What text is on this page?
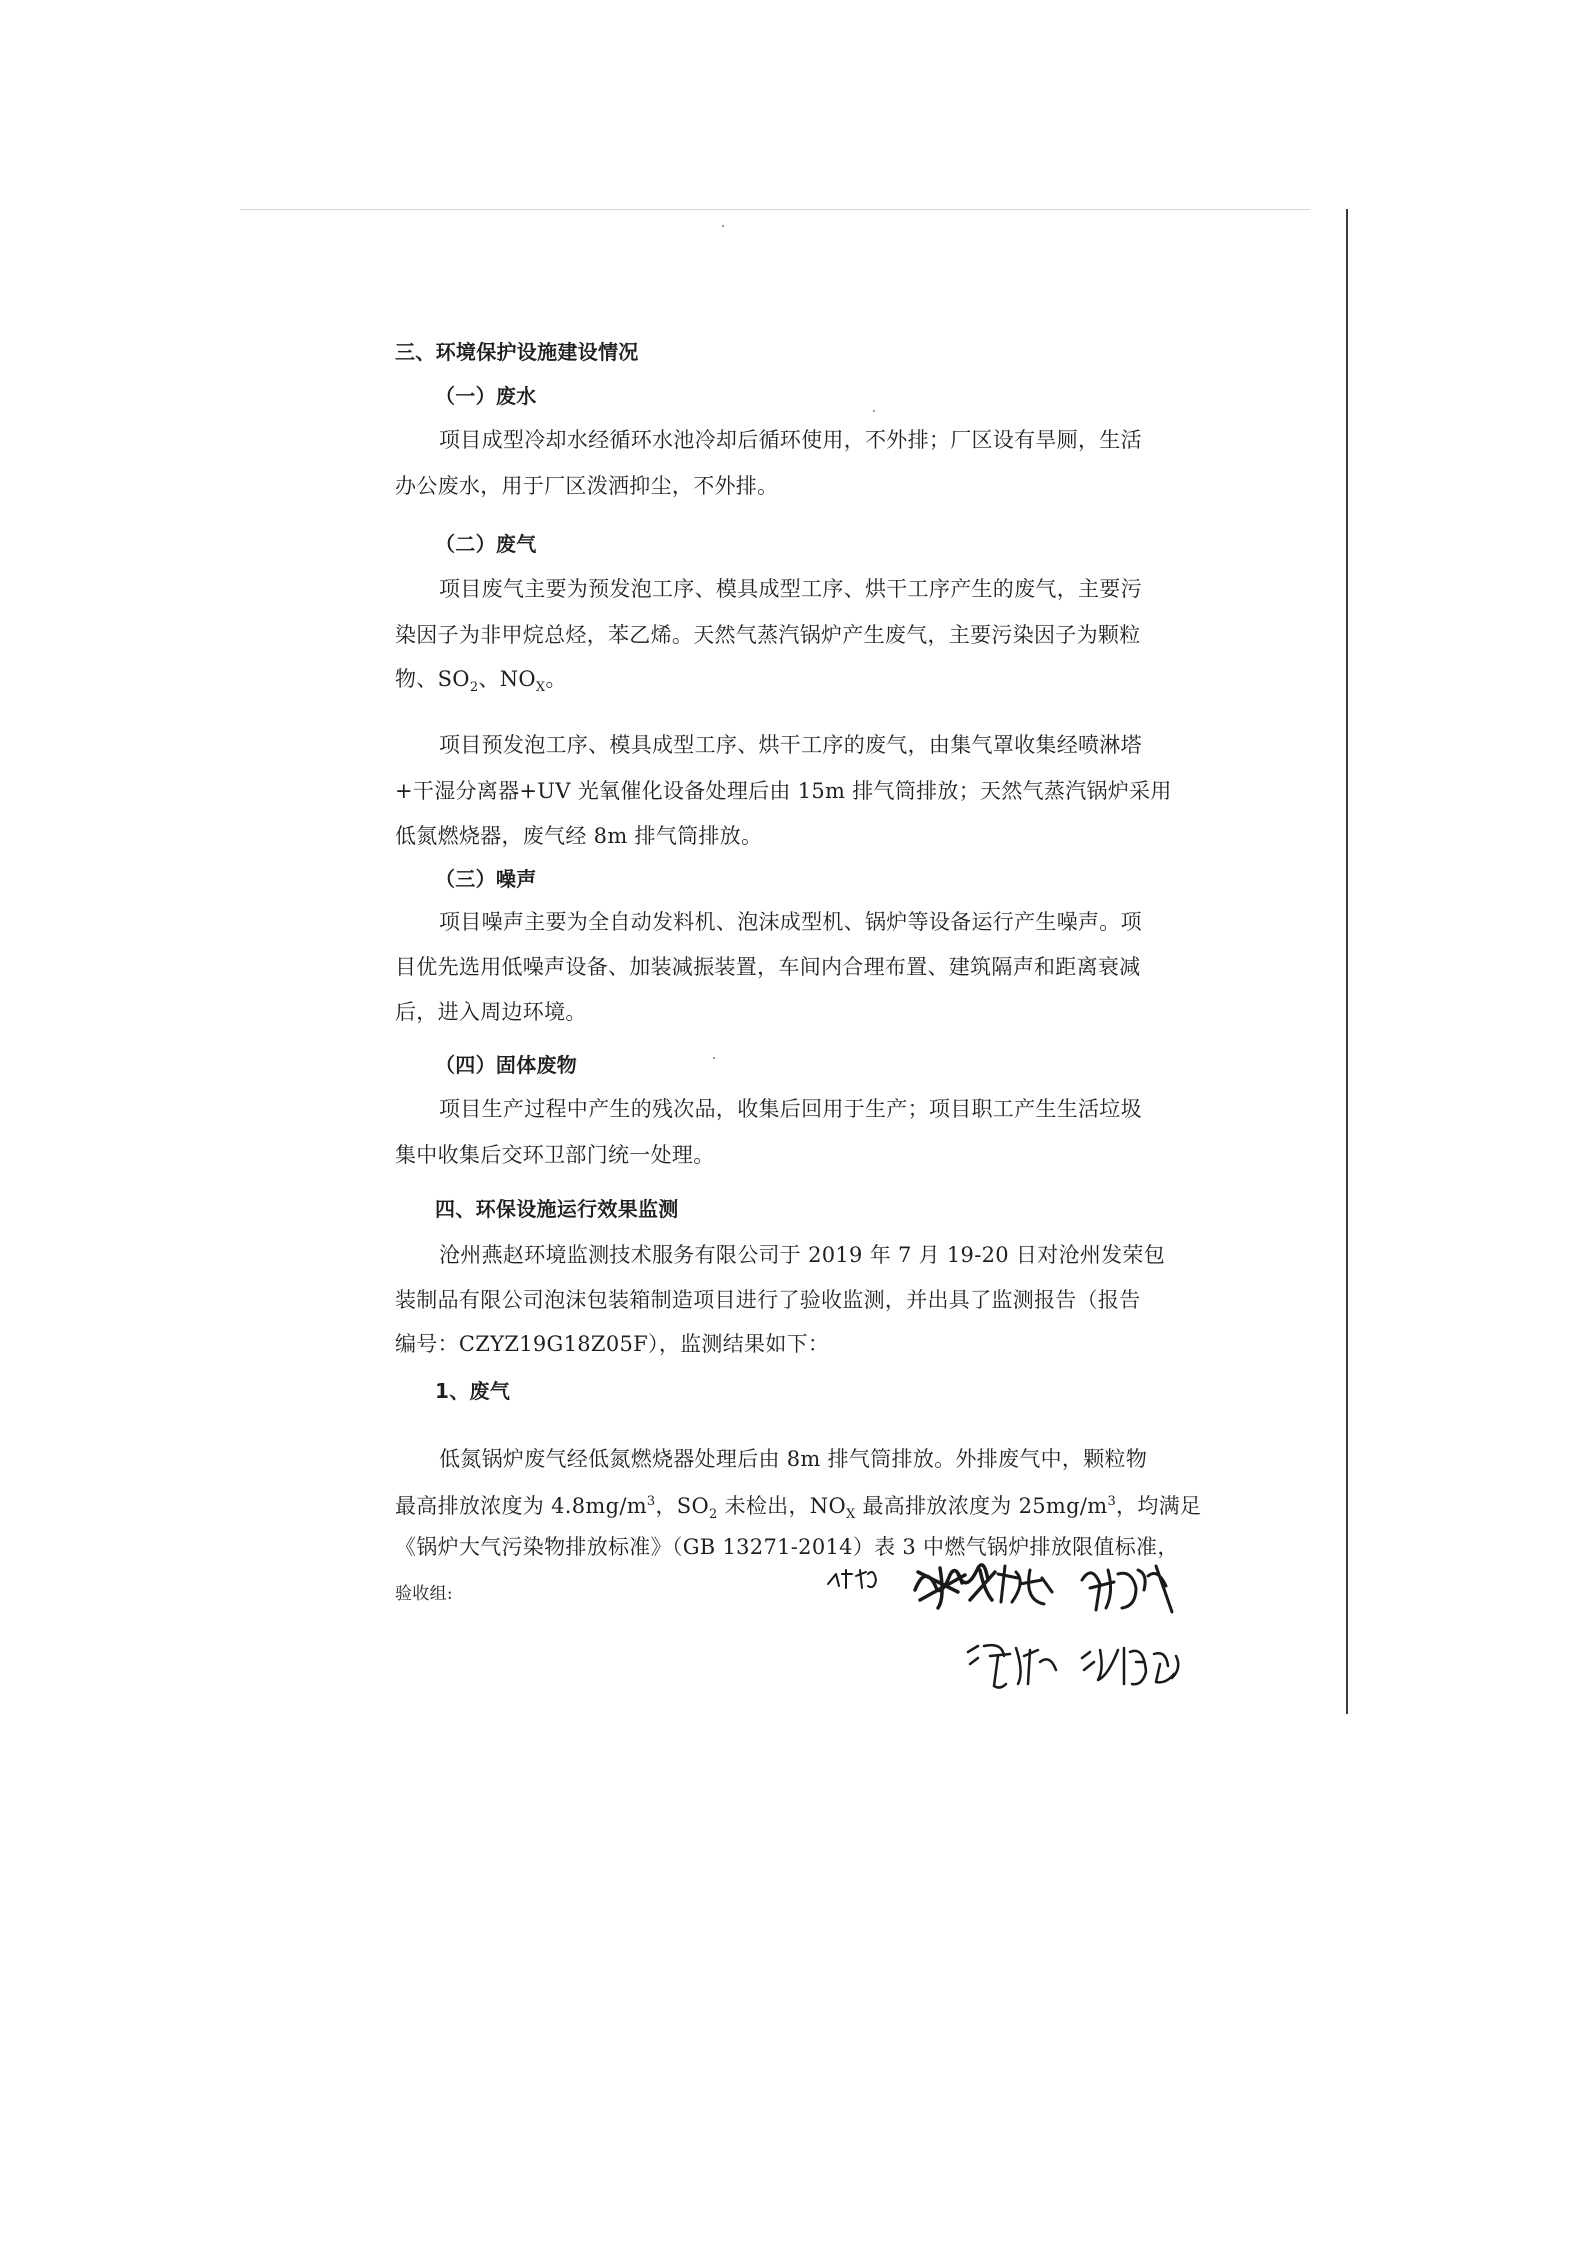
三、环境保护设施建设情况
（一）废水
项目成型冷却水经循环水池冷却后循环使用，不外排；厂区设有旱厕，生活
办公废水，用于厂区泼洒抑尘，不外排。
（二）废气
项目废气主要为预发泡工序、模具成型工序、烘干工序产生的废气，主要污
染因子为非甲烷总烃，苯乙烯。天然气蒸汽锅炉产生废气，主要污染因子为颗粒
物、$SO_2$、$NO_X$。
项目预发泡工序、模具成型工序、烘干工序的废气，由集气罩收集经喷淋塔
+干湿分离器+UV 光氧催化设备处理后由 15m 排气筒排放；天然气蒸汽锅炉采用
低氮燃烧器，废气经 8m 排气筒排放。
（三）噪声
项目噪声主要为全自动发料机、泡沫成型机、锅炉等设备运行产生噪声。项
目优先选用低噪声设备、加装减振装置，车间内合理布置、建筑隔声和距离衰减
后，进入周边环境。
（四）固体废物
项目生产过程中产生的残次品，收集后回用于生产；项目职工产生生活垃圾
集中收集后交环卫部门统一处理。
四、环保设施运行效果监测
沧州燕赵环境监测技术服务有限公司于 2019 年 7 月 19-20 日对沧州发荣包
装制品有限公司泡沫包装箱制造项目进行了验收监测，并出具了监测报告（报告
编号：CZYZ19G18Z05F），监测结果如下：
1、废气
低氮锅炉废气经低氮燃烧器处理后由 8m 排气筒排放。外排废气中，颗粒物
最高排放浓度为 $4.8mg/m^3$，$SO_2$ 未检出，$NO_X$ 最高排放浓度为 $25mg/m^3$，均满足
《锅炉大气污染物排放标准》（GB 13271-2014）表 3 中燃气锅炉排放限值标准，
验收组:
